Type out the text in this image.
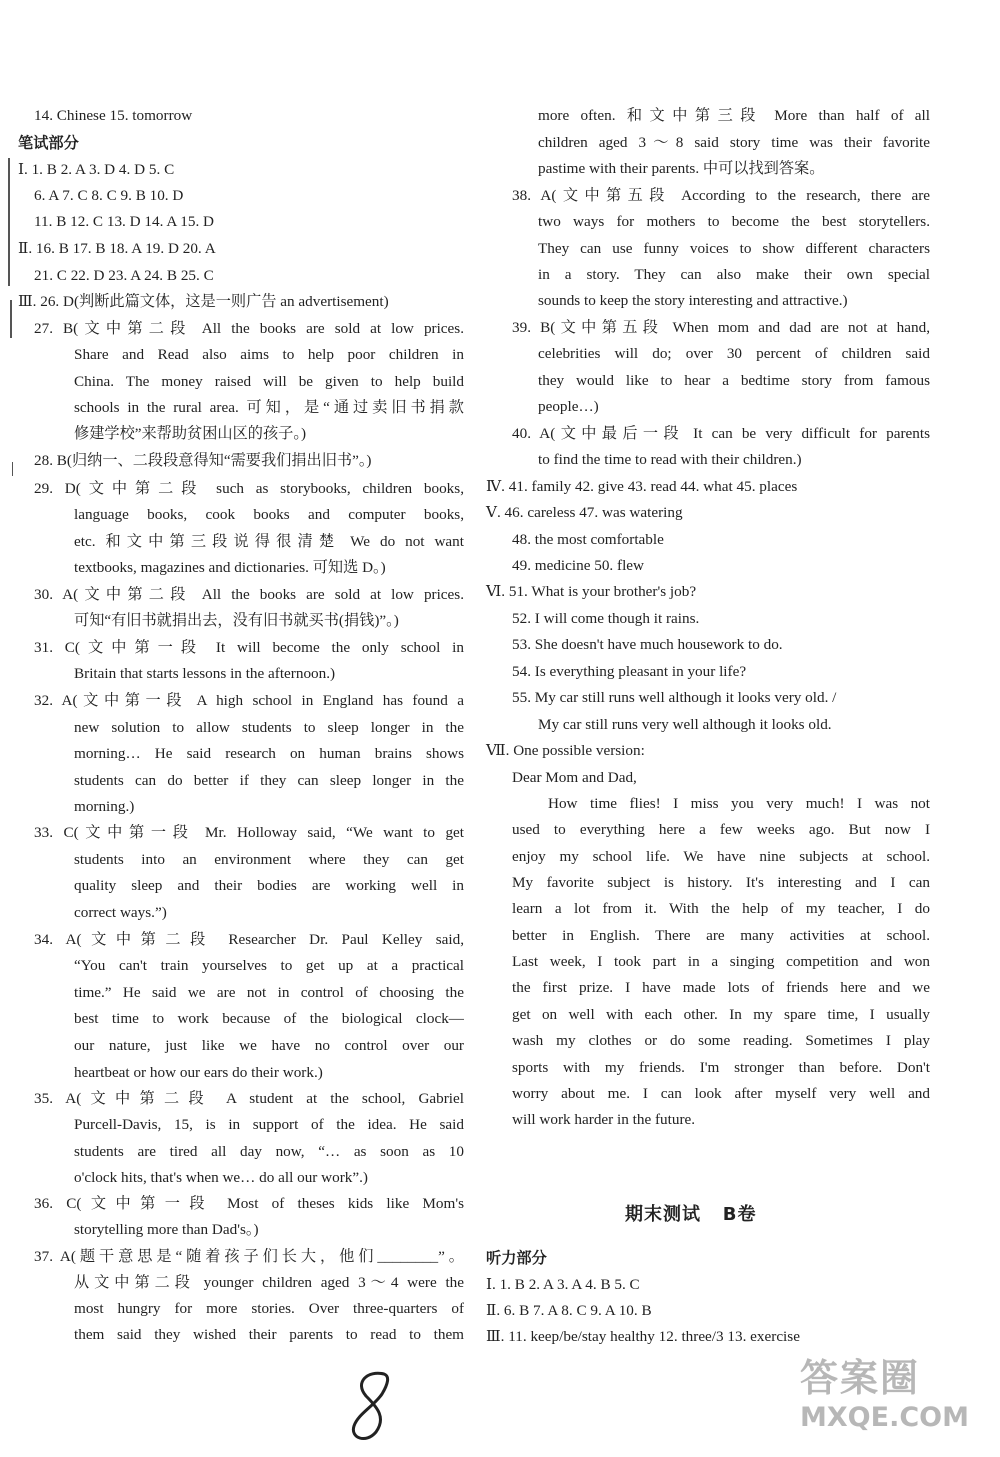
14. Chinese 15. tomorrow
笔试部分
Ⅰ. 1. B 2. A 3. D 4. D 5. C
6. A 7. C 8. C 9. B 10. D
11. B 12. C 13. D 14. A 15. D
Ⅱ. 16. B 17. B 18. A 19. D 20. A
21. C 22. D 23. A 24. B 25. C
Ⅲ. 26. D(判断此篇文体，这是一则广告 an advertisement)
27. B(文中第二段 All the books are sold at low prices.
Share and Read also aims to help poor children in
China. The money raised will be given to help build
schools in the rural area. 可知，是“通过卖旧书捐款
修建学校”来帮助贫困山区的孩子。)
28. B(归纳一、二段段意得知“需要我们捐出旧书”。)
29. D(文中第二段 such as storybooks, children books,
language books, cook books and computer books,
etc. 和文中第三段说得很清楚 We do not want
textbooks, magazines and dictionaries. 可知选 D。)
30. A(文中第二段 All the books are sold at low prices.
可知“有旧书就捐出去，没有旧书就买书(捐钱)”。)
31. C(文中第一段 It will become the only school in
Britain that starts lessons in the afternoon.)
32. A(文中第一段 A high school in England has found a
new solution to allow students to sleep longer in the
morning… He said research on human brains shows
students can do better if they can sleep longer in the
morning.)
33. C(文中第一段 Mr. Holloway said, “We want to get
students into an environment where they can get
quality sleep and their bodies are working well in
correct ways.”)
34. A(文中第二段 Researcher Dr. Paul Kelley said,
“You can't train yourselves to get up at a practical
time.” He said we are not in control of choosing the
best time to work because of the biological clock—
our nature, just like we have no control over our
heartbeat or how our ears do their work.)
35. A(文中第二段 A student at the school, Gabriel
Purcell-Davis, 15, is in support of the idea. He said
students are tired all day now, “… as soon as 10
o'clock hits, that's when we… do all our work”.)
36. C(文中第一段 Most of theses kids like Mom's
storytelling more than Dad's。)
37. A(题干意思是“随着孩子们长大，他们________”。
从文中第二段 younger children aged 3～4 were the
most hungry for more stories. Over three-quarters of
them said they wished their parents to read to them
more often. 和文中第三段 More than half of all
children aged 3～8 said story time was their favorite
pastime with their parents. 中可以找到答案。
38. A(文中第五段 According to the research, there are
two ways for mothers to become the best storytellers.
They can use funny voices to show different characters
in a story. They can also make their own special
sounds to keep the story interesting and attractive.)
39. B(文中第五段 When mom and dad are not at hand,
celebrities will do; over 30 percent of children said
they would like to hear a bedtime story from famous
people…)
40. A(文中最后一段 It can be very difficult for parents
to find the time to read with their children.)
Ⅳ. 41. family 42. give 43. read 44. what 45. places
Ⅴ. 46. careless 47. was watering
48. the most comfortable
49. medicine 50. flew
Ⅵ. 51. What is your brother's job?
52. I will come though it rains.
53. She doesn't have much housework to do.
54. Is everything pleasant in your life?
55. My car still runs well although it looks very old. /
My car still runs very well although it looks old.
Ⅶ. One possible version:
Dear Mom and Dad,
How time flies! I miss you very much! I was not
used to everything here a few weeks ago. But now I
enjoy my school life. We have nine subjects at school.
My favorite subject is history. It's interesting and I can
learn a lot from it. With the help of my teacher, I do
better in English. There are many activities at school.
Last week, I took part in a singing competition and won
the first prize. I have made lots of friends here and we
get on well with each other. In my spare time, I usually
wash my clothes or do some reading. Sometimes I play
sports with my friends. I'm stronger than before. Don't
worry about me. I can look after myself very well and
will work harder in the future.
期末测试   B卷
听力部分
Ⅰ. 1. B 2. A 3. A 4. B 5. C
Ⅱ. 6. B 7. A 8. C 9. A 10. B
Ⅲ. 11. keep/be/stay healthy 12. three/3 13. exercise
答案圈
MXQE.COM
